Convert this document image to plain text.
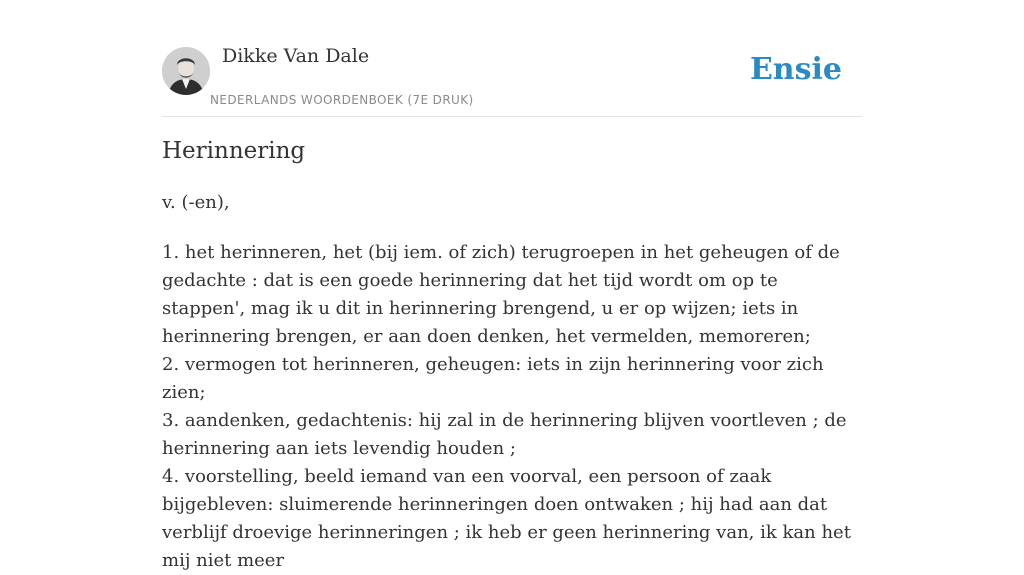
Dikke Van Dale
NEDERLANDS WOORDENBOEK (7E DRUK)
Ensie
Herinnering

v. (-en),

1. het herinneren, het (bij iem. of zich) terugroepen in het geheugen of de gedachte : dat is een goede herinnering dat het tijd wordt om op te stappen', mag ik u dit in herinnering brengend, u er op wijzen; iets in herinnering brengen, er aan doen denken, het vermelden, memoreren;

2. vermogen tot herinneren, geheugen: iets in zijn herinnering voor zich zien;

3. aandenken, gedachtenis: hij zal in de herinnering blijven voortleven ; de herinnering aan iets levendig houden ;

4. voorstelling, beeld iemand van een voorval, een persoon of zaak bijgebleven: sluimerende herinneringen doen ontwaken ; hij had aan dat verblijf droevige herinneringen ; ik heb er geen herinnering van, ik kan het mij niet meer
